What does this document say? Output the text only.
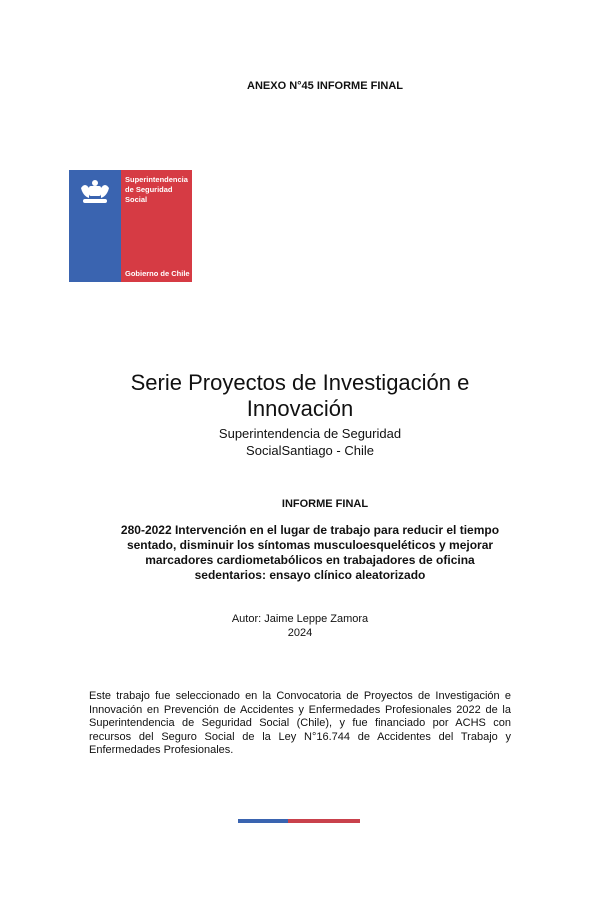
ANEXO N°45 INFORME FINAL
Superintendencia
de Seguridad
Social
Gobierno de Chile
Serie Proyectos de Investigación e
Innovación
Superintendencia de Seguridad
SocialSantiago - Chile
INFORME FINAL
280-2022 Intervención en el lugar de trabajo para reducir el tiempo
sentado, disminuir los síntomas musculoesqueléticos y mejorar
marcadores cardiometabólicos en trabajadores de oficina
sedentarios: ensayo clínico aleatorizado
Autor: Jaime Leppe Zamora
2024
Este trabajo fue seleccionado en la Convocatoria de Proyectos de Investigación e Innovación en Prevención de Accidentes y Enfermedades Profesionales 2022 de la Superintendencia de Seguridad Social (Chile), y fue financiado por ACHS con recursos del Seguro Social de la Ley N°16.744 de Accidentes del Trabajo y Enfermedades Profesionales.
